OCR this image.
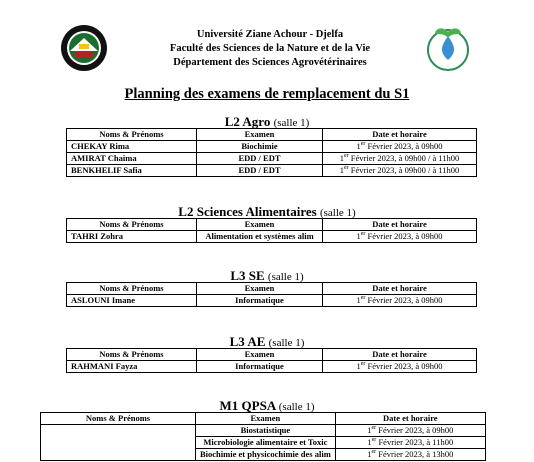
Université Ziane Achour - Djelfa
Faculté des Sciences de la Nature et de la Vie
Département des Sciences Agrovétérinaires
Planning des examens de remplacement du S1
L2 Agro (salle 1)
Noms & Prénoms	Examen	Date et horaire
CHEKAY Rima	Biochimie	1er Février 2023, à 09h00
AMIRAT Chaima	EDD / EDT	1er Février 2023, à 09h00 / à 11h00
BENKHELIF Safia	EDD / EDT	1er Février 2023, à 09h00 / à 11h00
L2 Sciences Alimentaires (salle 1)
Noms & Prénoms	Examen	Date et horaire
TAHRI Zohra	Alimentation et systèmes alim	1er Février 2023, à 09h00
L3 SE (salle 1)
Noms & Prénoms	Examen	Date et horaire
ASLOUNI Imane	Informatique	1er Février 2023, à 09h00
L3 AE (salle 1)
Noms & Prénoms	Examen	Date et horaire
RAHMANI Fayza	Informatique	1er Février 2023, à 09h00
M1 QPSA (salle 1)
Noms & Prénoms	Examen	Date et horaire
	Biostatistique	1er Février 2023, à 09h00
	Microbiologie alimentaire et Toxic	1er Février 2023, à 11h00
	Biochimie et physicochimie des alim	1er Février 2023, à 13h00
